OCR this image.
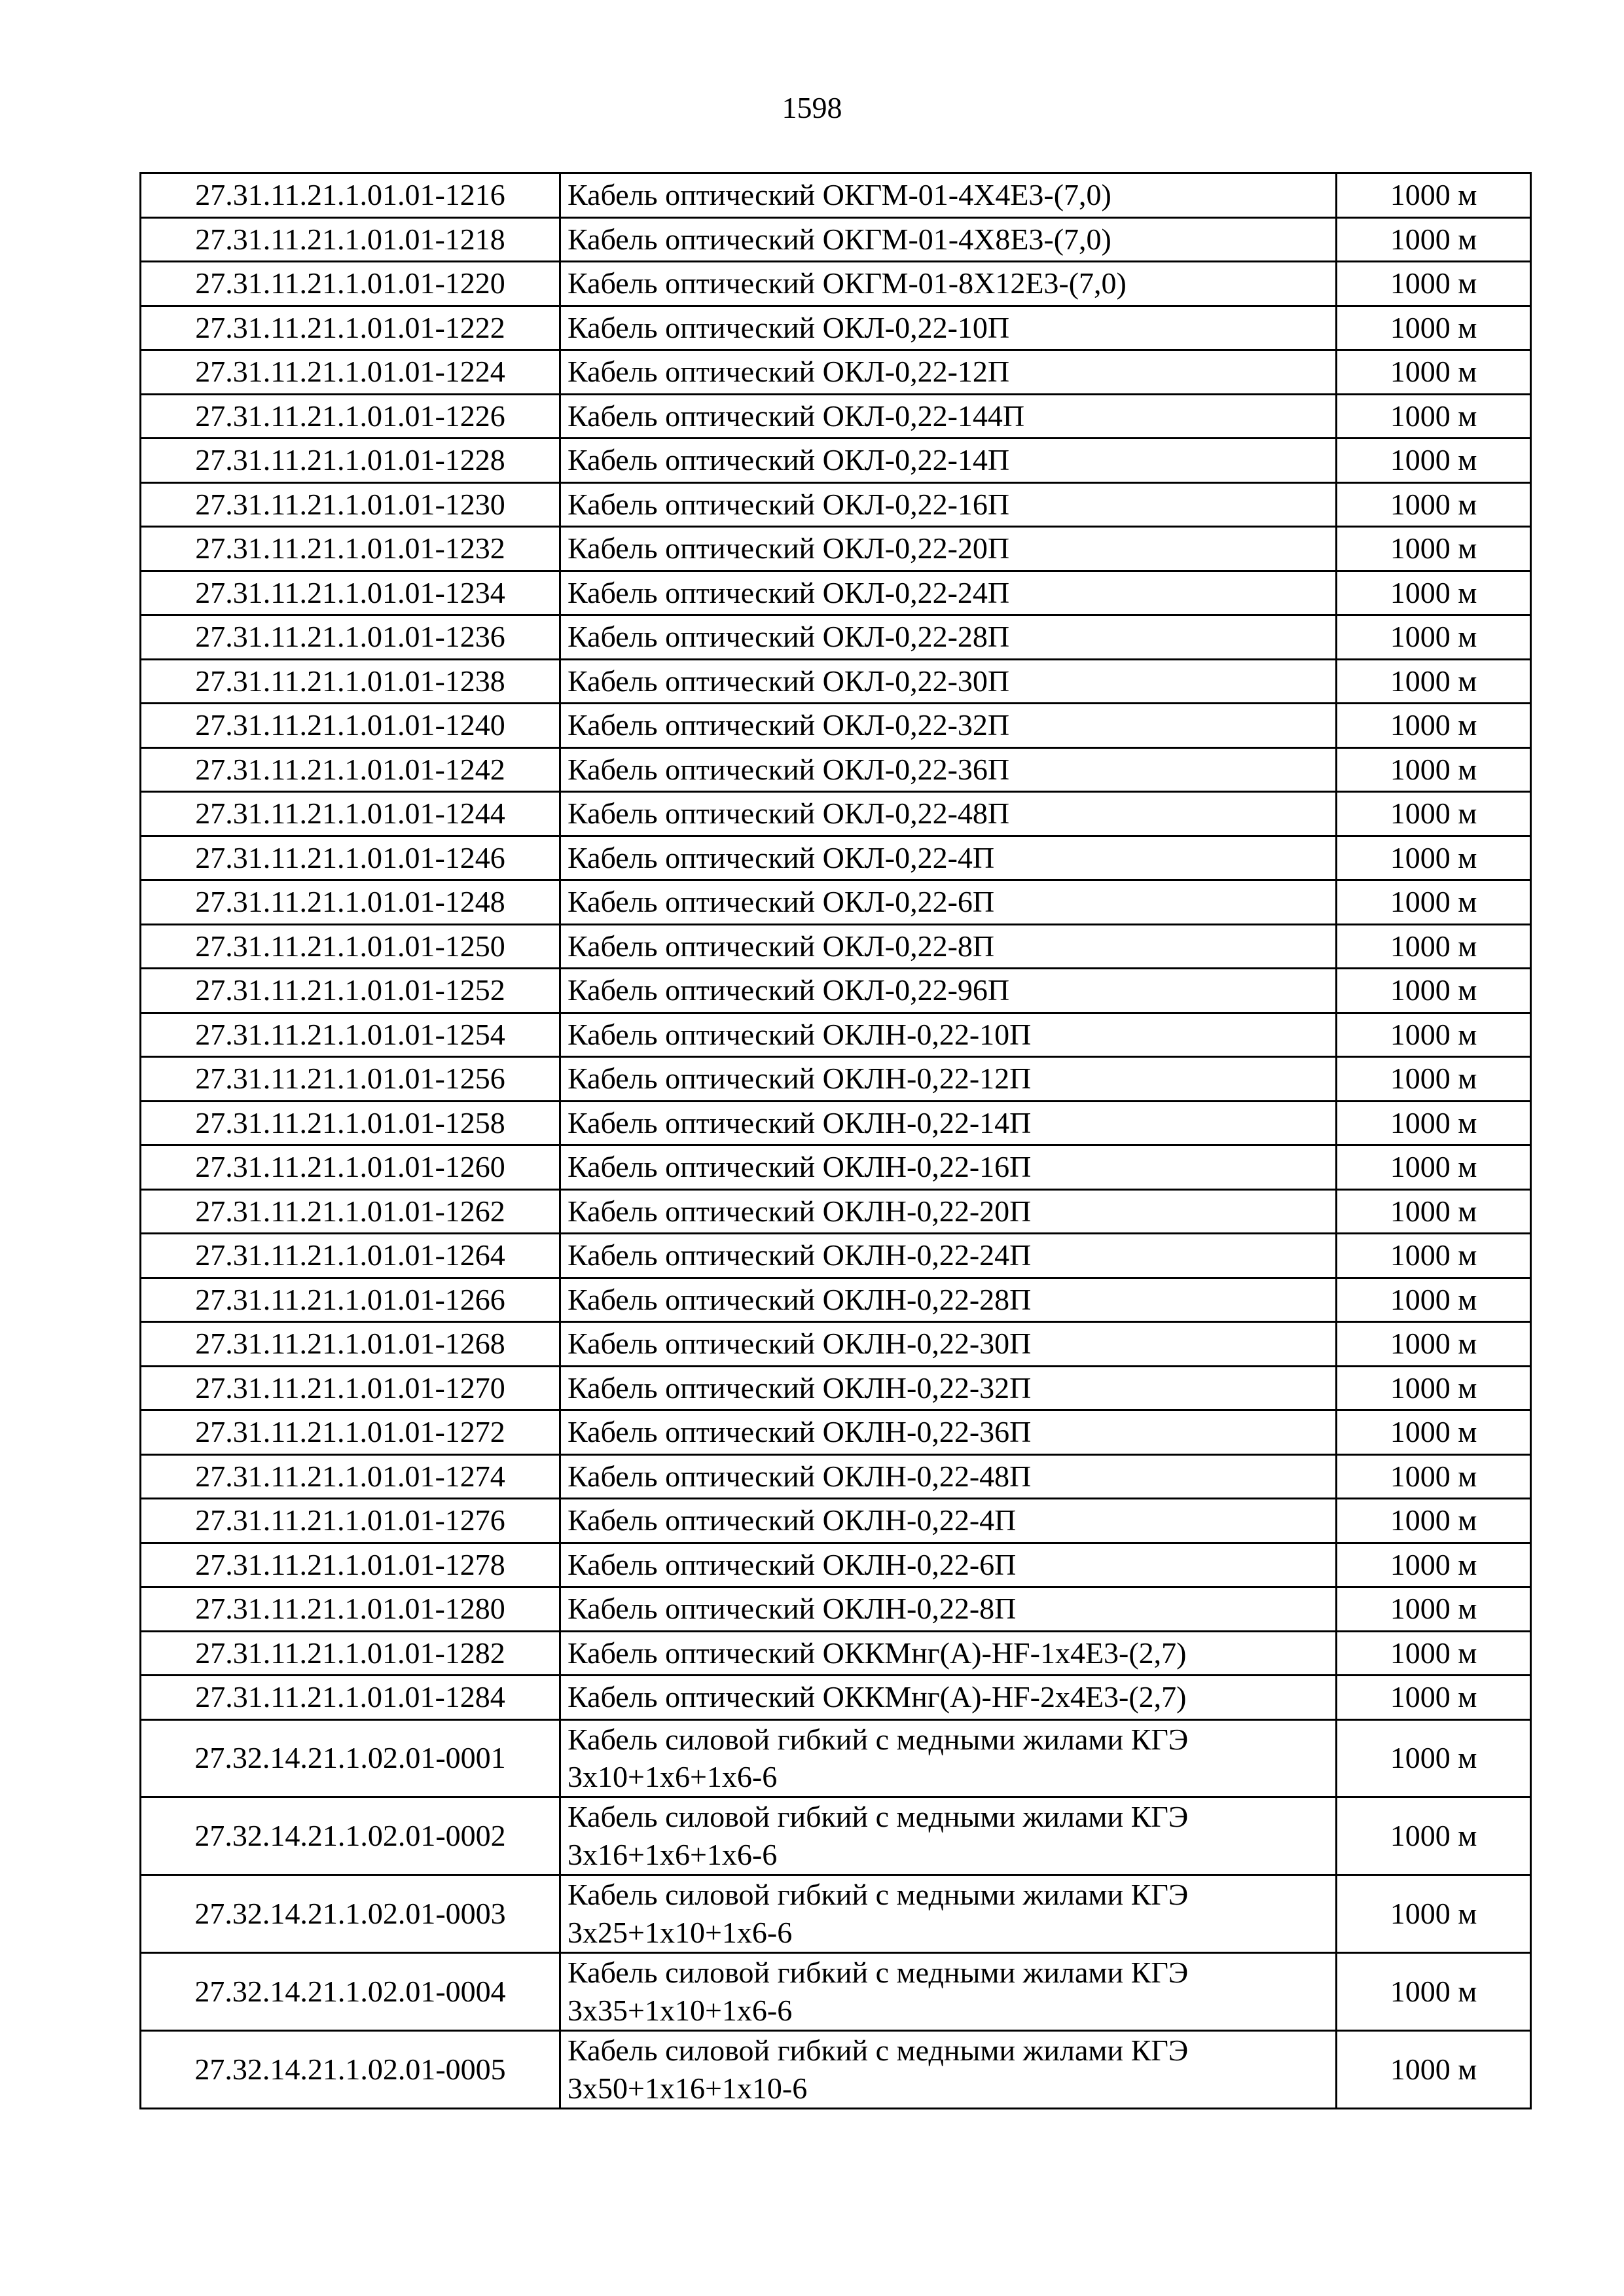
1598
27.31.11.21.1.01.01-1216	Кабель оптический ОКГМ-01-4Х4Е3-(7,0)	1000 м
27.31.11.21.1.01.01-1218	Кабель оптический ОКГМ-01-4Х8Е3-(7,0)	1000 м
27.31.11.21.1.01.01-1220	Кабель оптический ОКГМ-01-8Х12Е3-(7,0)	1000 м
27.31.11.21.1.01.01-1222	Кабель оптический ОКЛ-0,22-10П	1000 м
27.31.11.21.1.01.01-1224	Кабель оптический ОКЛ-0,22-12П	1000 м
27.31.11.21.1.01.01-1226	Кабель оптический ОКЛ-0,22-144П	1000 м
27.31.11.21.1.01.01-1228	Кабель оптический ОКЛ-0,22-14П	1000 м
27.31.11.21.1.01.01-1230	Кабель оптический ОКЛ-0,22-16П	1000 м
27.31.11.21.1.01.01-1232	Кабель оптический ОКЛ-0,22-20П	1000 м
27.31.11.21.1.01.01-1234	Кабель оптический ОКЛ-0,22-24П	1000 м
27.31.11.21.1.01.01-1236	Кабель оптический ОКЛ-0,22-28П	1000 м
27.31.11.21.1.01.01-1238	Кабель оптический ОКЛ-0,22-30П	1000 м
27.31.11.21.1.01.01-1240	Кабель оптический ОКЛ-0,22-32П	1000 м
27.31.11.21.1.01.01-1242	Кабель оптический ОКЛ-0,22-36П	1000 м
27.31.11.21.1.01.01-1244	Кабель оптический ОКЛ-0,22-48П	1000 м
27.31.11.21.1.01.01-1246	Кабель оптический ОКЛ-0,22-4П	1000 м
27.31.11.21.1.01.01-1248	Кабель оптический ОКЛ-0,22-6П	1000 м
27.31.11.21.1.01.01-1250	Кабель оптический ОКЛ-0,22-8П	1000 м
27.31.11.21.1.01.01-1252	Кабель оптический ОКЛ-0,22-96П	1000 м
27.31.11.21.1.01.01-1254	Кабель оптический ОКЛН-0,22-10П	1000 м
27.31.11.21.1.01.01-1256	Кабель оптический ОКЛН-0,22-12П	1000 м
27.31.11.21.1.01.01-1258	Кабель оптический ОКЛН-0,22-14П	1000 м
27.31.11.21.1.01.01-1260	Кабель оптический ОКЛН-0,22-16П	1000 м
27.31.11.21.1.01.01-1262	Кабель оптический ОКЛН-0,22-20П	1000 м
27.31.11.21.1.01.01-1264	Кабель оптический ОКЛН-0,22-24П	1000 м
27.31.11.21.1.01.01-1266	Кабель оптический ОКЛН-0,22-28П	1000 м
27.31.11.21.1.01.01-1268	Кабель оптический ОКЛН-0,22-30П	1000 м
27.31.11.21.1.01.01-1270	Кабель оптический ОКЛН-0,22-32П	1000 м
27.31.11.21.1.01.01-1272	Кабель оптический ОКЛН-0,22-36П	1000 м
27.31.11.21.1.01.01-1274	Кабель оптический ОКЛН-0,22-48П	1000 м
27.31.11.21.1.01.01-1276	Кабель оптический ОКЛН-0,22-4П	1000 м
27.31.11.21.1.01.01-1278	Кабель оптический ОКЛН-0,22-6П	1000 м
27.31.11.21.1.01.01-1280	Кабель оптический ОКЛН-0,22-8П	1000 м
27.31.11.21.1.01.01-1282	Кабель оптический ОККМнг(А)-HF-1х4Е3-(2,7)	1000 м
27.31.11.21.1.01.01-1284	Кабель оптический ОККМнг(А)-HF-2х4Е3-(2,7)	1000 м
27.32.14.21.1.02.01-0001	Кабель силовой гибкий с медными жилами КГЭ 3х10+1х6+1х6-6	1000 м
27.32.14.21.1.02.01-0002	Кабель силовой гибкий с медными жилами КГЭ 3х16+1х6+1х6-6	1000 м
27.32.14.21.1.02.01-0003	Кабель силовой гибкий с медными жилами КГЭ 3х25+1х10+1х6-6	1000 м
27.32.14.21.1.02.01-0004	Кабель силовой гибкий с медными жилами КГЭ 3х35+1х10+1х6-6	1000 м
27.32.14.21.1.02.01-0005	Кабель силовой гибкий с медными жилами КГЭ 3х50+1х16+1х10-6	1000 м
